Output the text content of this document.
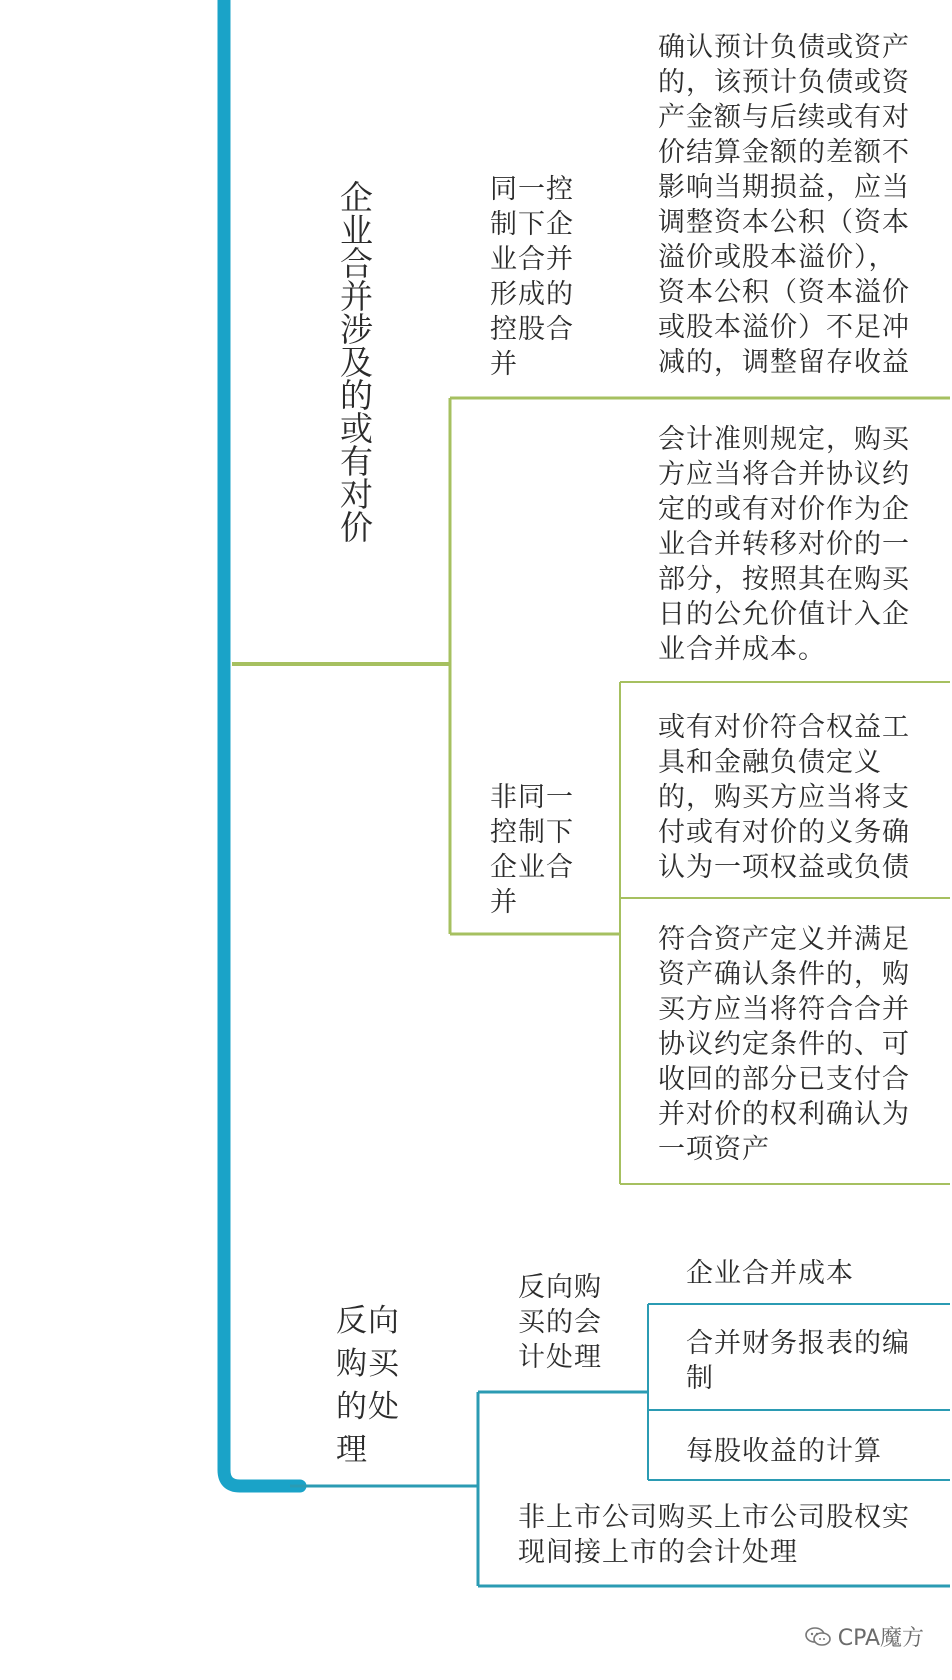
企业合并涉及的或有对价	同一控制下企业合并形成的控股合并
确认预计负债或资产的，该预计负债或资产金额与后续或有对价结算金额的差额不影响当期损益，应当调整资本公积（资本溢价或股本溢价），资本公积（资本溢价或股本溢价）不足冲减的，调整留存收益
会计准则规定，购买方应当将合并协议约定的或有对价作为企业合并转移对价的一部分，按照其在购买日的公允价值计入企业合并成本。
非同一控制下企业合并
或有对价符合权益工具和金融负债定义的，购买方应当将支付或有对价的义务确认为一项权益或负债
符合资产定义并满足资产确认条件的，购买方应当将符合合并协议约定条件的、可收回的部分已支付合并对价的权利确认为一项资产
反向购买的处理
反向购买的会计处理
企业合并成本
合并财务报表的编制
每股收益的计算
非上市公司购买上市公司股权实现间接上市的会计处理
CPA魔方
